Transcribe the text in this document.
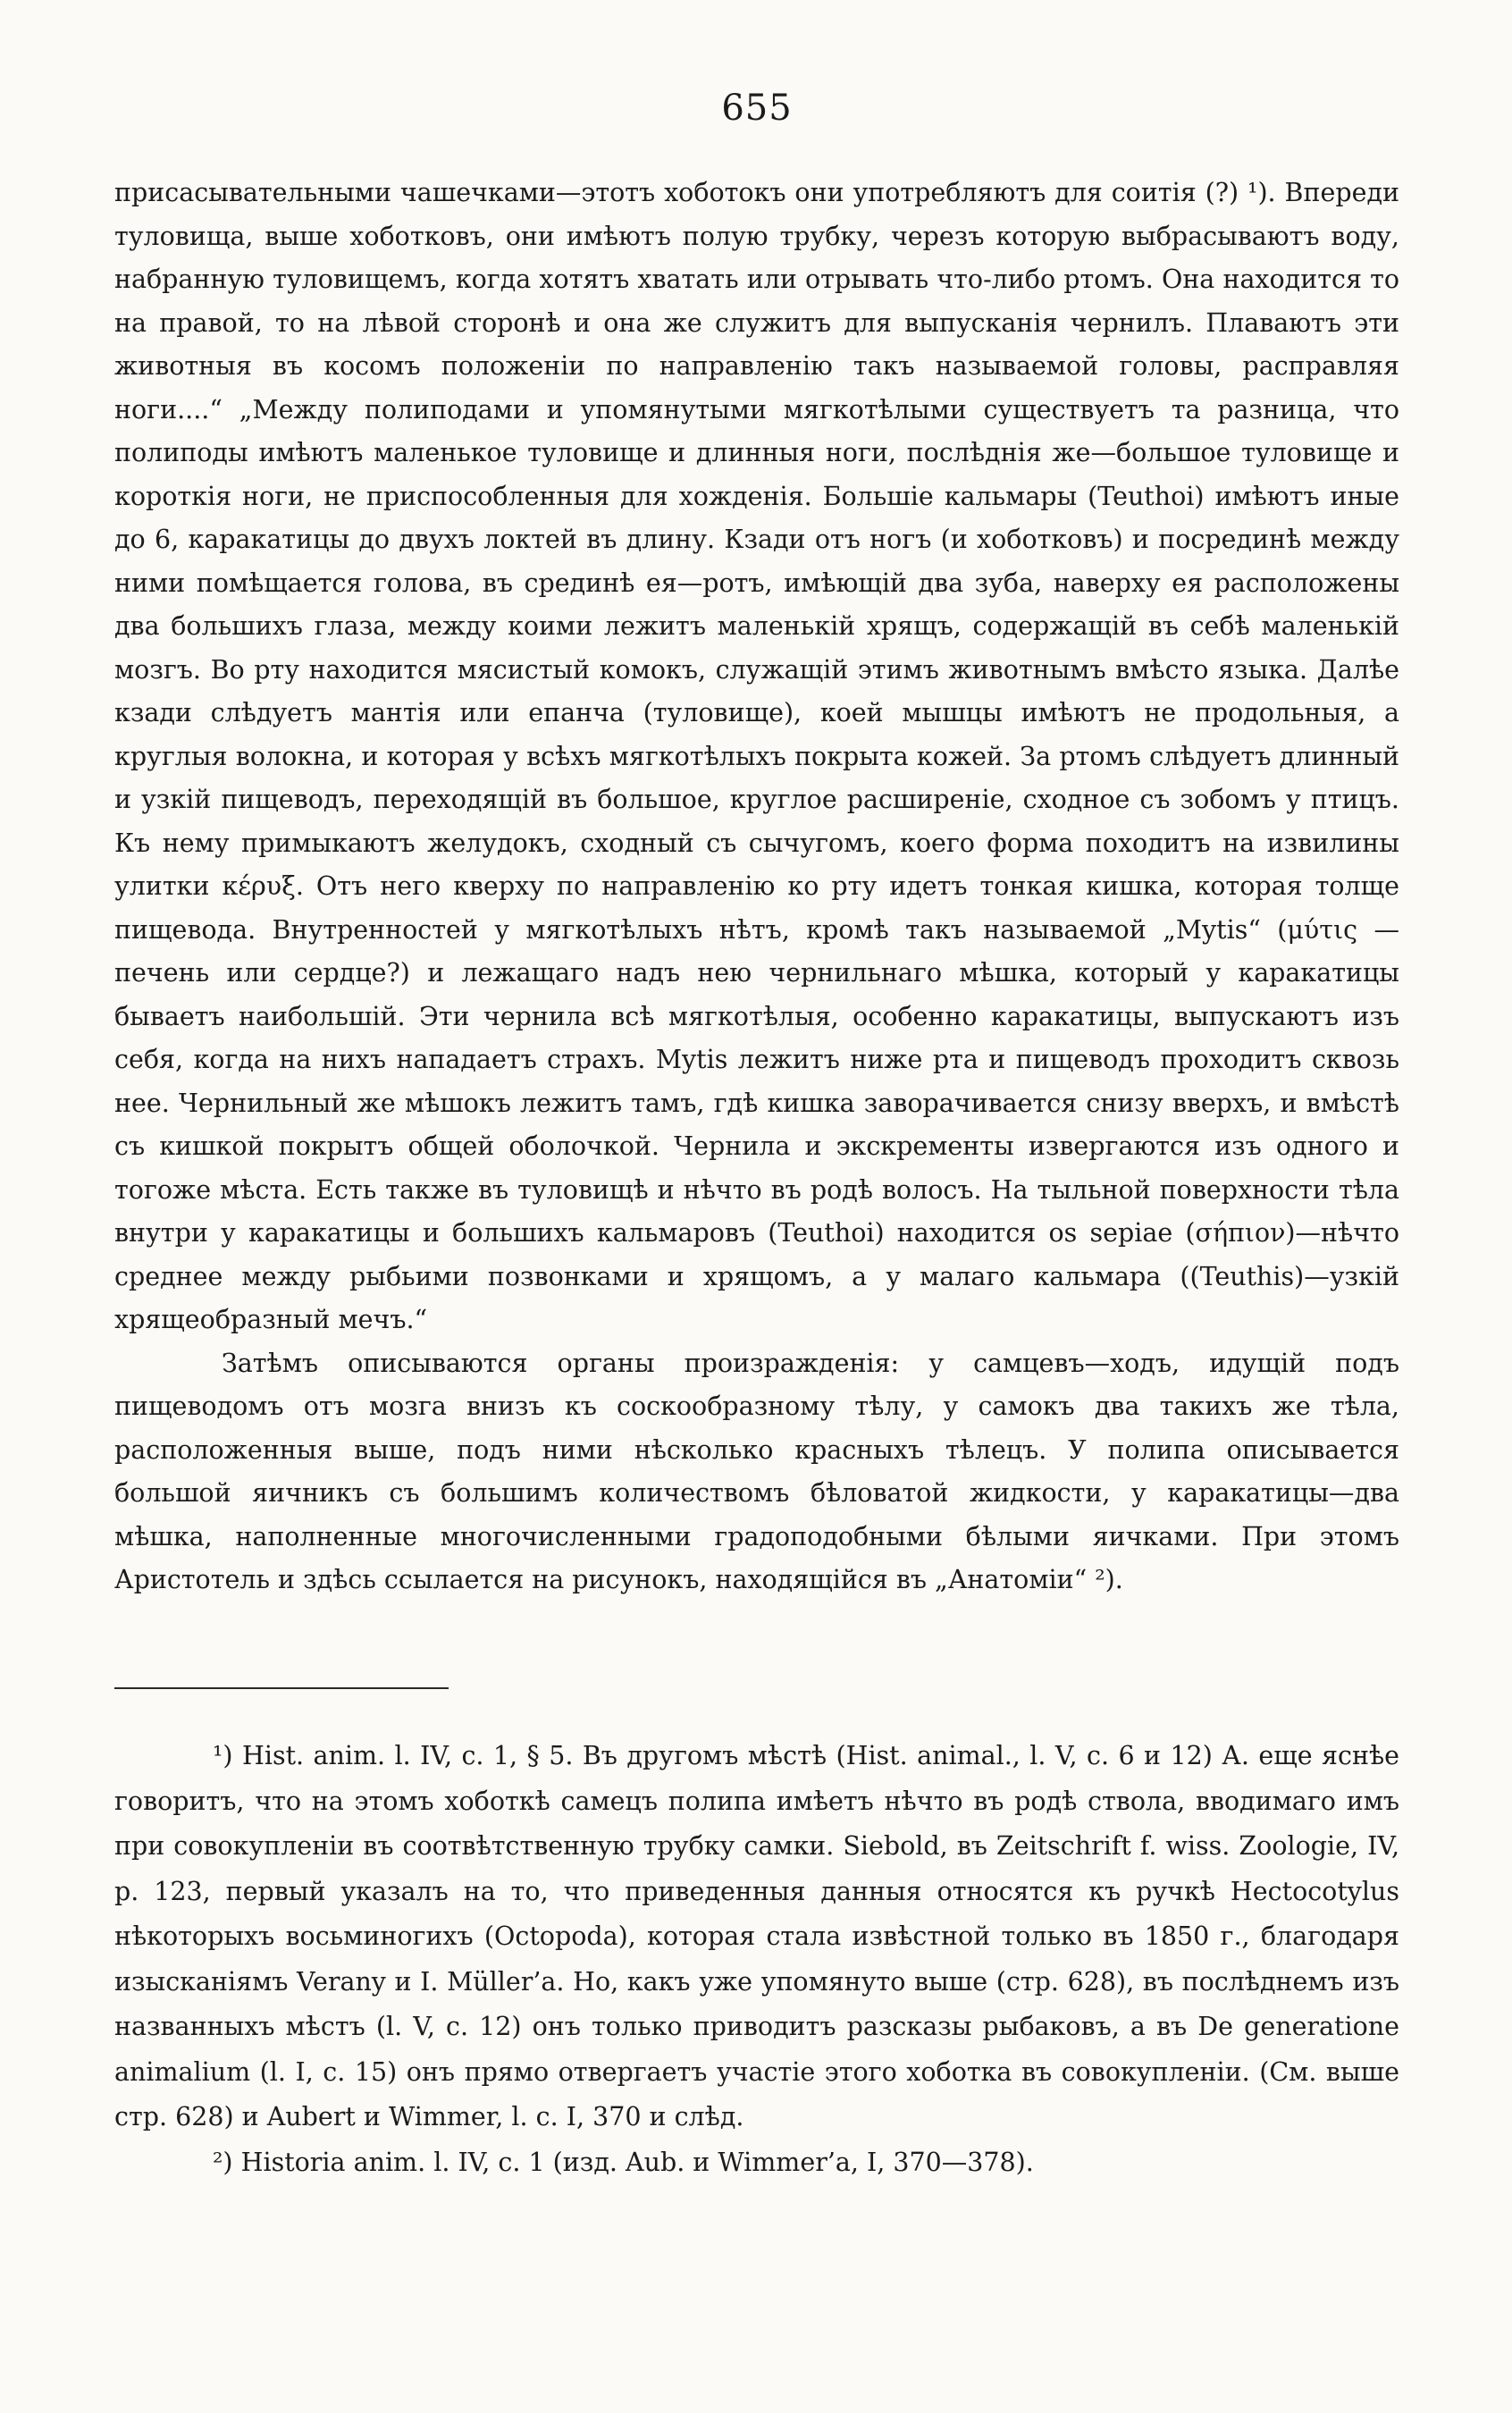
655

присасывательными чашечками—этотъ хоботокъ они употребляютъ для соитія (?) ¹). Впереди туловища, выше хоботковъ, они имѣютъ полую трубку, черезъ которую выбрасываютъ воду, набранную туловищемъ, когда хотятъ хватать или отрывать что-либо ртомъ. Она находится то на правой, то на лѣвой сторонѣ и она же служитъ для выпусканія чернилъ. Плаваютъ эти животныя въ косомъ положеніи по направленію такъ называемой головы, расправляя ноги....“ „Между полиподами и упомянутыми мягкотѣлыми существуетъ та разница, что полиподы имѣютъ маленькое туловище и длинныя ноги, послѣднія же—большое туловище и короткія ноги, не приспособленныя для хожденія. Большіе кальмары (Teuthoi) имѣютъ иные до 6, каракатицы до двухъ локтей въ длину. Кзади отъ ногъ (и хоботковъ) и посрединѣ между ними помѣщается голова, въ срединѣ ея—ротъ, имѣющій два зуба, наверху ея расположены два большихъ глаза, между коими лежитъ маленькій хрящъ, содержащій въ себѣ маленькій мозгъ. Во рту находится мясистый комокъ, служащій этимъ животнымъ вмѣсто языка. Далѣе кзади слѣдуетъ мантія или епанча (туловище), коей мышцы имѣютъ не продольныя, а круглыя волокна, и которая у всѣхъ мягкотѣлыхъ покрыта кожей. За ртомъ слѣдуетъ длинный и узкій пищеводъ, переходящій въ большое, круглое расширеніе, сходное съ зобомъ у птицъ. Къ нему примыкаютъ желудокъ, сходный съ сычугомъ, коего форма походитъ на извилины улитки κέρυξ. Отъ него кверху по направленію ко рту идетъ тонкая кишка, которая толще пищевода. Внутренностей у мягкотѣлыхъ нѣтъ, кромѣ такъ называемой „Mytis“ (μύτις —печень или сердце?) и лежащаго надъ нею чернильнаго мѣшка, который у каракатицы бываетъ наибольшій. Эти чернила всѣ мягкотѣлыя, особенно каракатицы, выпускаютъ изъ себя, когда на нихъ нападаетъ страхъ. Mytis лежитъ ниже рта и пищеводъ проходитъ сквозь нее. Чернильный же мѣшокъ лежитъ тамъ, гдѣ кишка заворачивается снизу вверхъ, и вмѣстѣ съ кишкой покрытъ общей оболочкой. Чернила и экскременты извергаются изъ одного и тогоже мѣста. Есть также въ туловищѣ и нѣчто въ родѣ волосъ. На тыльной поверхности тѣла внутри у каракатицы и большихъ кальмаровъ (Teuthoi) находится os sepiae (σήπιον)—нѣчто среднее между рыбьими позвонками и хрящомъ, а у малаго кальмара ((Teuthis)—узкій хрящеобразный мечъ.“

Затѣмъ описываются органы произражденія: у самцевъ—ходъ, идущій подъ пищеводомъ отъ мозга внизъ къ соскообразному тѣлу, у самокъ два такихъ же тѣла, расположенныя выше, подъ ними нѣсколько красныхъ тѣлецъ. У полипа описывается большой яичникъ съ большимъ количествомъ бѣловатой жидкости, у каракатицы—два мѣшка, наполненные многочисленными градоподобными бѣлыми яичками. При этомъ Аристотель и здѣсь ссылается на рисунокъ, находящійся въ „Анатоміи“ ²).

¹) Hist. anim. l. IV, c. 1, § 5. Въ другомъ мѣстѣ (Hist. animal., l. V, c. 6 и 12) А. еще яснѣе говоритъ, что на этомъ хоботкѣ самецъ полипа имѣетъ нѣчто въ родѣ ствола, вводимаго имъ при совокупленіи въ соотвѣтственную трубку самки. Siebold, въ Zeitschrift f. wiss. Zoologie, IV, p. 123, первый указалъ на то, что приведенныя данныя относятся къ ручкѣ Hectocotylus нѣкоторыхъ восьминогихъ (Octopoda), которая стала извѣстной только въ 1850 г., благодаря изысканіямъ Verany и I. Müller’а. Но, какъ уже упомянуто выше (стр. 628), въ послѣднемъ изъ названныхъ мѣстъ (l. V, c. 12) онъ только приводитъ разсказы рыбаковъ, а въ De generatione animalium (l. I, c. 15) онъ прямо отвергаетъ участіе этого хоботка въ совокупленіи. (См. выше стр. 628) и Aubert и Wimmer, l. c. I, 370 и слѣд.

²) Historia anim. l. IV, c. 1 (изд. Aub. и Wimmer’а, I, 370—378).
